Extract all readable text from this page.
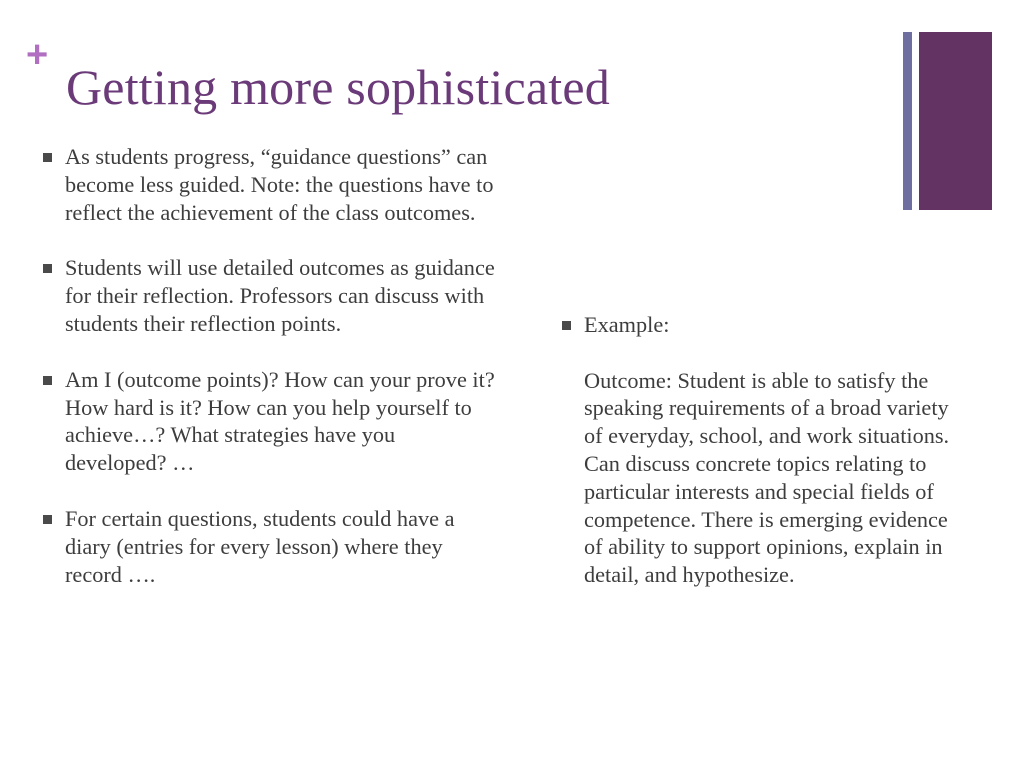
+
Getting more sophisticated
As students progress, “guidance questions” can become less guided. Note: the questions have to reflect the achievement of the class outcomes.
Students will use detailed outcomes as guidance for their reflection. Professors can discuss with students their reflection points.
Am I (outcome points)? How can your prove it? How hard is it? How can you help yourself to achieve…? What strategies have you developed? …
For certain questions, students could have a diary (entries for every lesson) where they record ….

Example:

Outcome: Student is able to satisfy the speaking requirements of a broad variety of everyday, school, and work situations. Can discuss concrete topics relating to particular interests and special fields of competence. There is emerging evidence of ability to support opinions, explain in detail, and hypothesize.
